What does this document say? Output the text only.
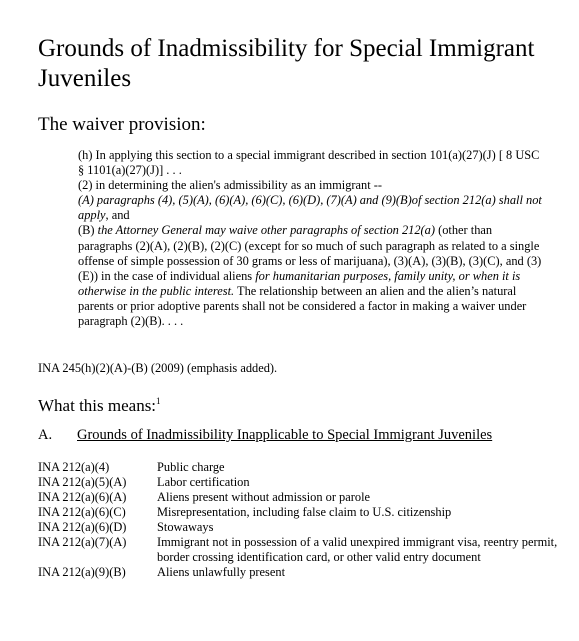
Grounds of Inadmissibility for Special Immigrant Juveniles
The waiver provision:

(h) In applying this section to a special immigrant described in section 101(a)(27)(J) [ 8 USC § 1101(a)(27)(J)] . . .

(2) in determining the alien's admissibility as an immigrant --

(A) paragraphs (4), (5)(A), (6)(A), (6)(C), (6)(D), (7)(A) and (9)(B)of section 212(a) shall not apply, and

(B) the Attorney General may waive other paragraphs of section 212(a) (other than paragraphs (2)(A), (2)(B), (2)(C) (except for so much of such paragraph as related to a single offense of simple possession of 30 grams or less of marijuana), (3)(A), (3)(B), (3)(C), and (3)(E)) in the case of individual aliens for humanitarian purposes, family unity, or when it is otherwise in the public interest. The relationship between an alien and the alien’s natural parents or prior adoptive parents shall not be considered a factor in making a waiver under paragraph (2)(B). . . .

INA 245(h)(2)(A)-(B) (2009) (emphasis added).
What this means:$^1$
A. Grounds of Inadmissibility Inapplicable to Special Immigrant Juveniles
INA 212(a)(4)	Public charge
INA 212(a)(5)(A)	Labor certification
INA 212(a)(6)(A)	Aliens present without admission or parole
INA 212(a)(6)(C)	Misrepresentation, including false claim to U.S. citizenship
INA 212(a)(6)(D)	Stowaways
INA 212(a)(7)(A)	Immigrant not in possession of a valid unexpired immigrant visa, reentry permit, border crossing identification card, or other valid entry document
INA 212(a)(9)(B)	Aliens unlawfully present
